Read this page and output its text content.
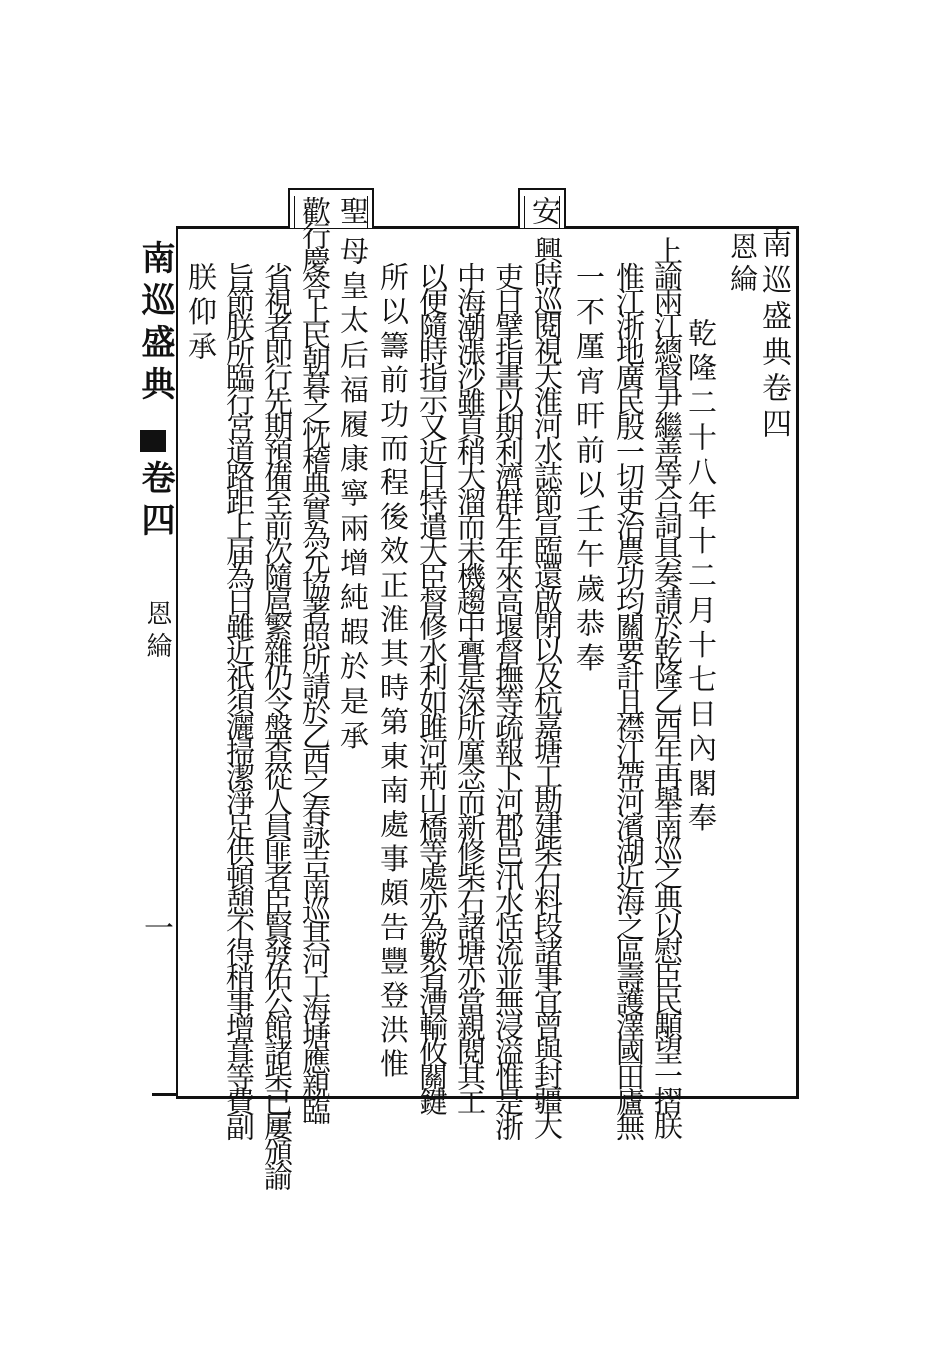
南巡盛典卷四
恩綸
乾隆二十八年十二月十七日內閣奉
上諭兩江總督尹繼善等合詞具奏請於乾隆乙酉年再舉南巡之典以慰臣民顒望一摺朕
惟江浙地廣民殷一切吏治農功均關要計且襟江帶河濱湖近海之區壽護澤國田廬無
一不厪宵旰前以壬午歲恭奉
安
興時巡閱視天淮河水誌節宣臨還啟閉以及杭嘉塘工勘建柴石料段諸事宜曾與封疆大
吏日擘指畫以期利濟群生年來高堰督撫等疏報下河郡邑汛水恬流並無浸溢惟是浙
中海潮漲沙雖頁稍大溜而未機趨中亹是深所廑念而新修柴石諸塘亦當親閱其工
以便隨時指示又近日特遣大臣督修水利如雎河荊山橋等處亦為數省漕輸攸關鍵
所以籌前功而程後效正淮其時第東南處事頗告豐登洪惟
聖
母皇太后福履康寧兩增純嘏於是承
歡行慶答上民朝暮之忱稽典實為允協著照所請於乙酉之春詠吉南巡其河工海塘應親臨
省視者即行先期預備至前次隨扈繁雜仍令盤查從人員匪者臣賢發佑公館諸柴已屢頒諭
旨節朕所臨行宮道路距上届為日雖近祇須灑掃潔淨足供頓憩不得稍事增葺等費副
朕仰承
南巡盛典
卷四
恩綸
一
